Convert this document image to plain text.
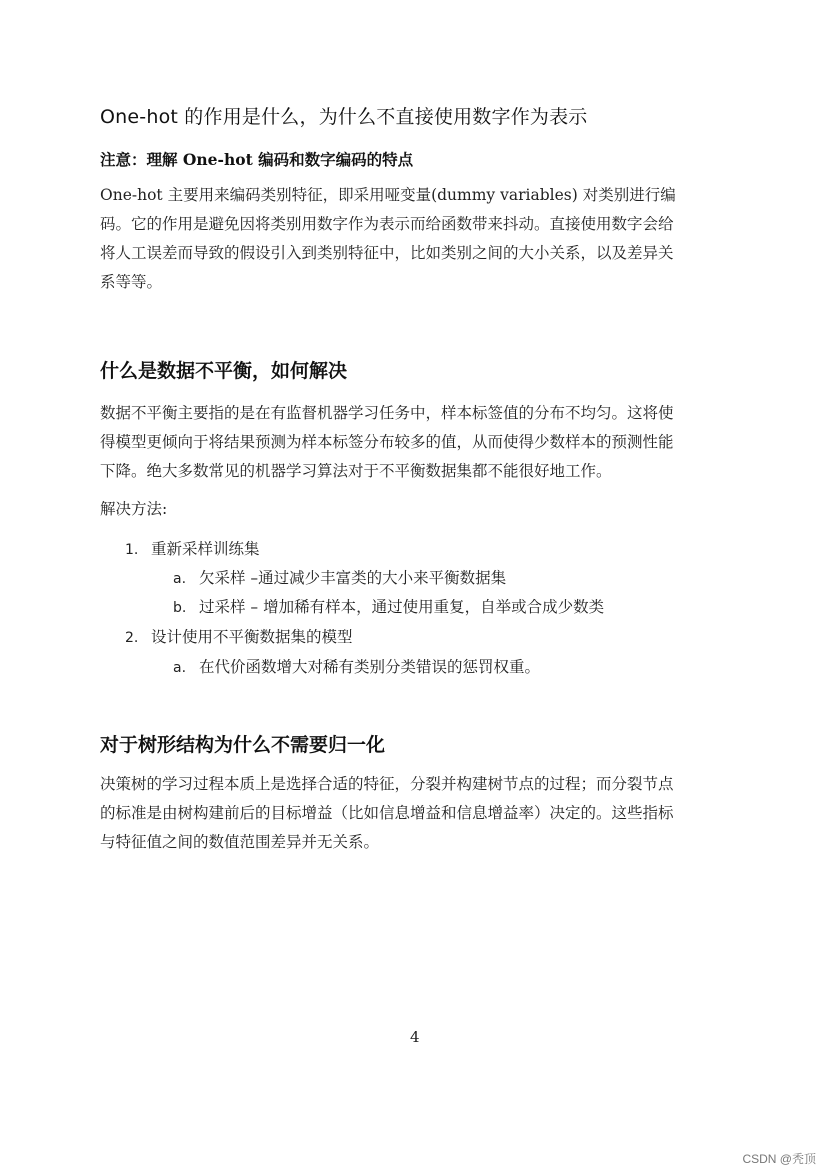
One-hot 的作用是什么，为什么不直接使用数字作为表示
注意：理解 One-hot 编码和数字编码的特点
One-hot 主要用来编码类别特征，即采用哑变量(dummy variables) 对类别进行编
码。它的作用是避免因将类别用数字作为表示而给函数带来抖动。直接使用数字会给
将人工误差而导致的假设引入到类别特征中，比如类别之间的大小关系，以及差异关
系等等。
什么是数据不平衡，如何解决
数据不平衡主要指的是在有监督机器学习任务中，样本标签值的分布不均匀。这将使
得模型更倾向于将结果预测为样本标签分布较多的值，从而使得少数样本的预测性能
下降。绝大多数常见的机器学习算法对于不平衡数据集都不能很好地工作。
解决方法:
1. 重新采样训练集
a. 欠采样 –通过减少丰富类的大小来平衡数据集
b. 过采样 – 增加稀有样本，通过使用重复，自举或合成少数类
2. 设计使用不平衡数据集的模型
a. 在代价函数增大对稀有类别分类错误的惩罚权重。
对于树形结构为什么不需要归一化
决策树的学习过程本质上是选择合适的特征，分裂并构建树节点的过程；而分裂节点
的标准是由树构建前后的目标增益（比如信息增益和信息增益率）决定的。这些指标
与特征值之间的数值范围差异并无关系。
4
CSDN @秃顶
